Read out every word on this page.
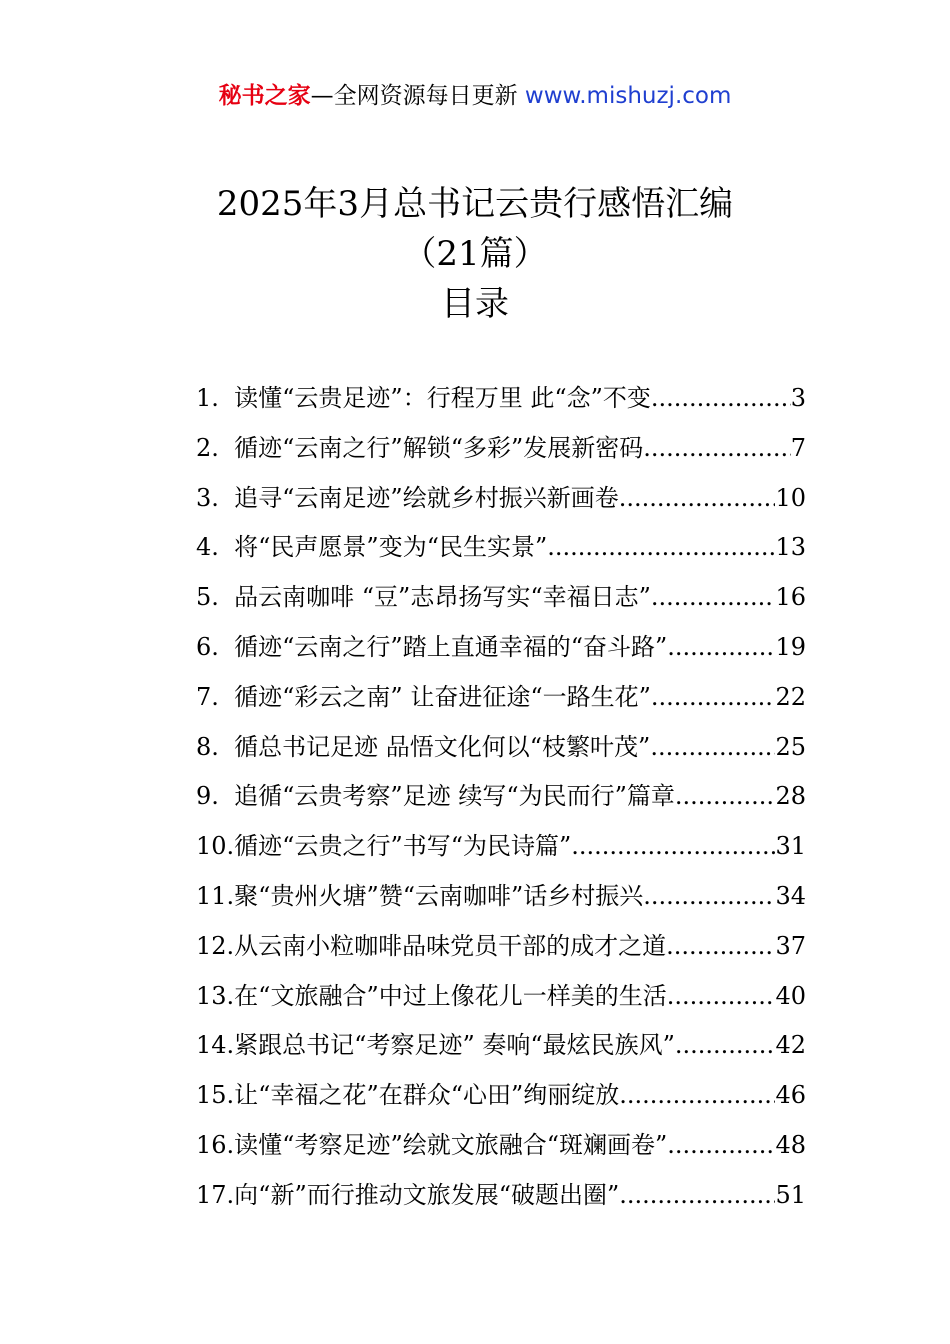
秘书之家—全网资源每日更新 www.mishuzj.com
2025年3月总书记云贵行感悟汇编
（21篇）
目录
1. 读懂“云贵足迹”：行程万里 此“念”不变 .....	3
2. 循迹“云南之行”解锁“多彩”发展新密码 .....	7
3. 追寻“云南足迹”绘就乡村振兴新画卷 .....	10
4. 将“民声愿景”变为“民生实景” .....	13
5. 品云南咖啡 “豆”志昂扬写实“幸福日志” .....	16
6. 循迹“云南之行”踏上直通幸福的“奋斗路” .....	19
7. 循迹“彩云之南” 让奋进征途“一路生花” .....	22
8. 循总书记足迹 品悟文化何以“枝繁叶茂” .....	25
9. 追循“云贵考察”足迹 续写“为民而行”篇章 .....	28
10. 循迹“云贵之行”书写“为民诗篇” .....	31
11. 聚“贵州火塘”赞“云南咖啡”话乡村振兴 .....	34
12. 从云南小粒咖啡品味党员干部的成才之道 .....	37
13. 在“文旅融合”中过上像花儿一样美的生活 .....	40
14. 紧跟总书记“考察足迹” 奏响“最炫民族风” .....	42
15. 让“幸福之花”在群众“心田”绚丽绽放 .....	46
16. 读懂“考察足迹”绘就文旅融合“斑斓画卷” .....	48
17. 向“新”而行推动文旅发展“破题出圈” .....	51
